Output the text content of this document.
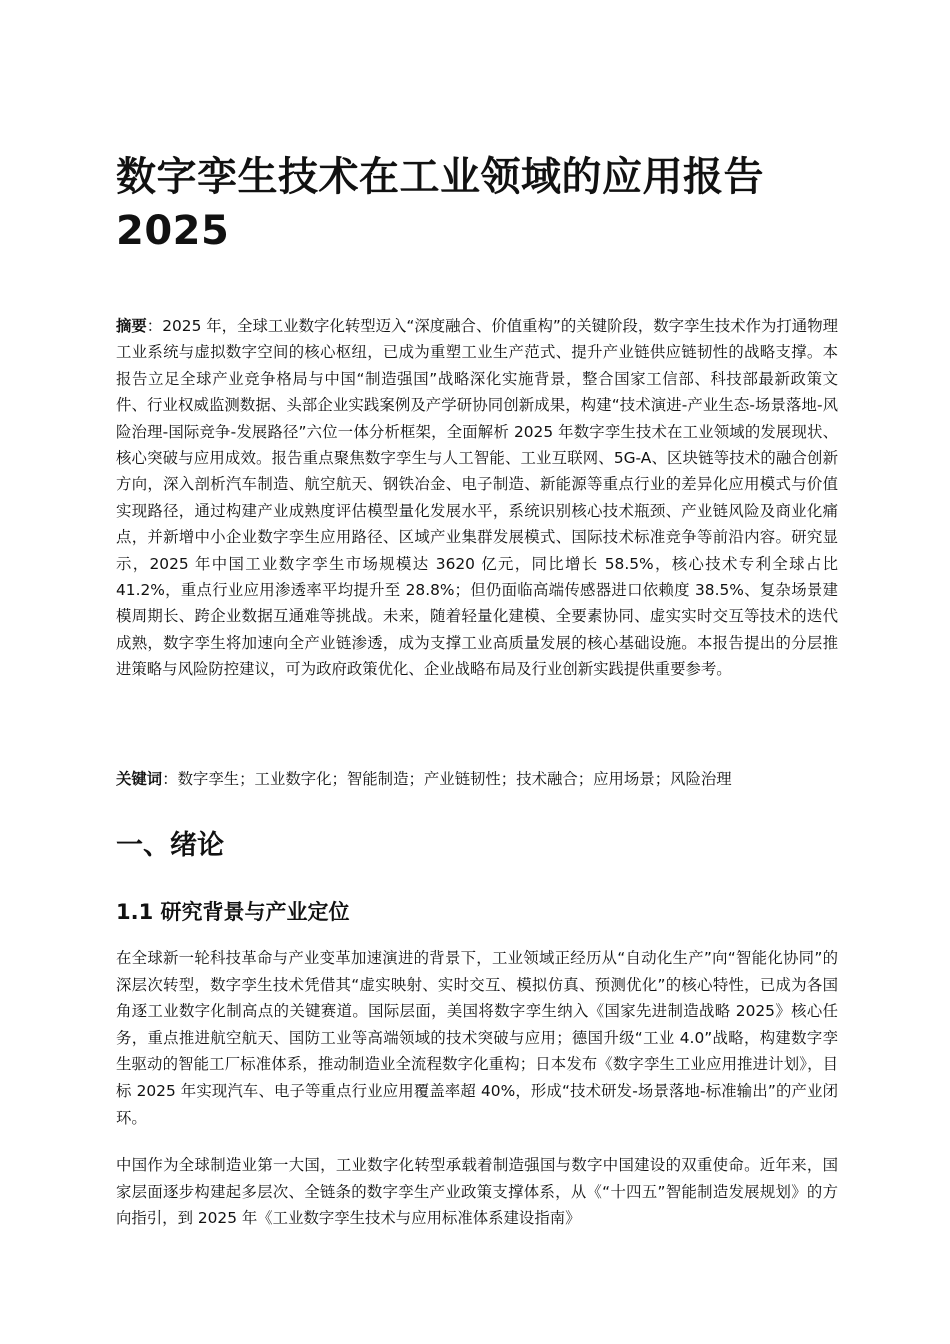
数字孪生技术在工业领域的应用报告 2025

摘要：2025 年，全球工业数字化转型迈入“深度融合、价值重构”的关键阶段，数字孪生技术作为打通物理工业系统与虚拟数字空间的核心枢纽，已成为重塑工业生产范式、提升产业链供应链韧性的战略支撑。本报告立足全球产业竞争格局与中国“制造强国”战略深化实施背景，整合国家工信部、科技部最新政策文件、行业权威监测数据、头部企业实践案例及产学研协同创新成果，构建“技术演进-产业生态-场景落地-风险治理-国际竞争-发展路径”六位一体分析框架，全面解析 2025 年数字孪生技术在工业领域的发展现状、核心突破与应用成效。报告重点聚焦数字孪生与人工智能、工业互联网、5G-A、区块链等技术的融合创新方向，深入剖析汽车制造、航空航天、钢铁冶金、电子制造、新能源等重点行业的差异化应用模式与价值实现路径，通过构建产业成熟度评估模型量化发展水平，系统识别核心技术瓶颈、产业链风险及商业化痛点，并新增中小企业数字孪生应用路径、区域产业集群发展模式、国际技术标准竞争等前沿内容。研究显示，2025 年中国工业数字孪生市场规模达 3620 亿元，同比增长 58.5%，核心技术专利全球占比 41.2%，重点行业应用渗透率平均提升至 28.8%；但仍面临高端传感器进口依赖度 38.5%、复杂场景建模周期长、跨企业数据互通难等挑战。未来，随着轻量化建模、全要素协同、虚实实时交互等技术的迭代成熟，数字孪生将加速向全产业链渗透，成为支撑工业高质量发展的核心基础设施。本报告提出的分层推进策略与风险防控建议，可为政府政策优化、企业战略布局及行业创新实践提供重要参考。

关键词：数字孪生；工业数字化；智能制造；产业链韧性；技术融合；应用场景；风险治理

一、绪论
1.1 研究背景与产业定位

在全球新一轮科技革命与产业变革加速演进的背景下，工业领域正经历从“自动化生产”向“智能化协同”的深层次转型，数字孪生技术凭借其“虚实映射、实时交互、模拟仿真、预测优化”的核心特性，已成为各国角逐工业数字化制高点的关键赛道。国际层面，美国将数字孪生纳入《国家先进制造战略 2025》核心任务，重点推进航空航天、国防工业等高端领域的技术突破与应用；德国升级“工业 4.0”战略，构建数字孪生驱动的智能工厂标准体系，推动制造业全流程数字化重构；日本发布《数字孪生工业应用推进计划》，目标 2025 年实现汽车、电子等重点行业应用覆盖率超 40%，形成“技术研发-场景落地-标准输出”的产业闭环。

中国作为全球制造业第一大国，工业数字化转型承载着制造强国与数字中国建设的双重使命。近年来，国家层面逐步构建起多层次、全链条的数字孪生产业政策支撑体系，从《“十四五”智能制造发展规划》的方向指引，到 2025 年《工业数字孪生技术与应用标准体系建设指南》
